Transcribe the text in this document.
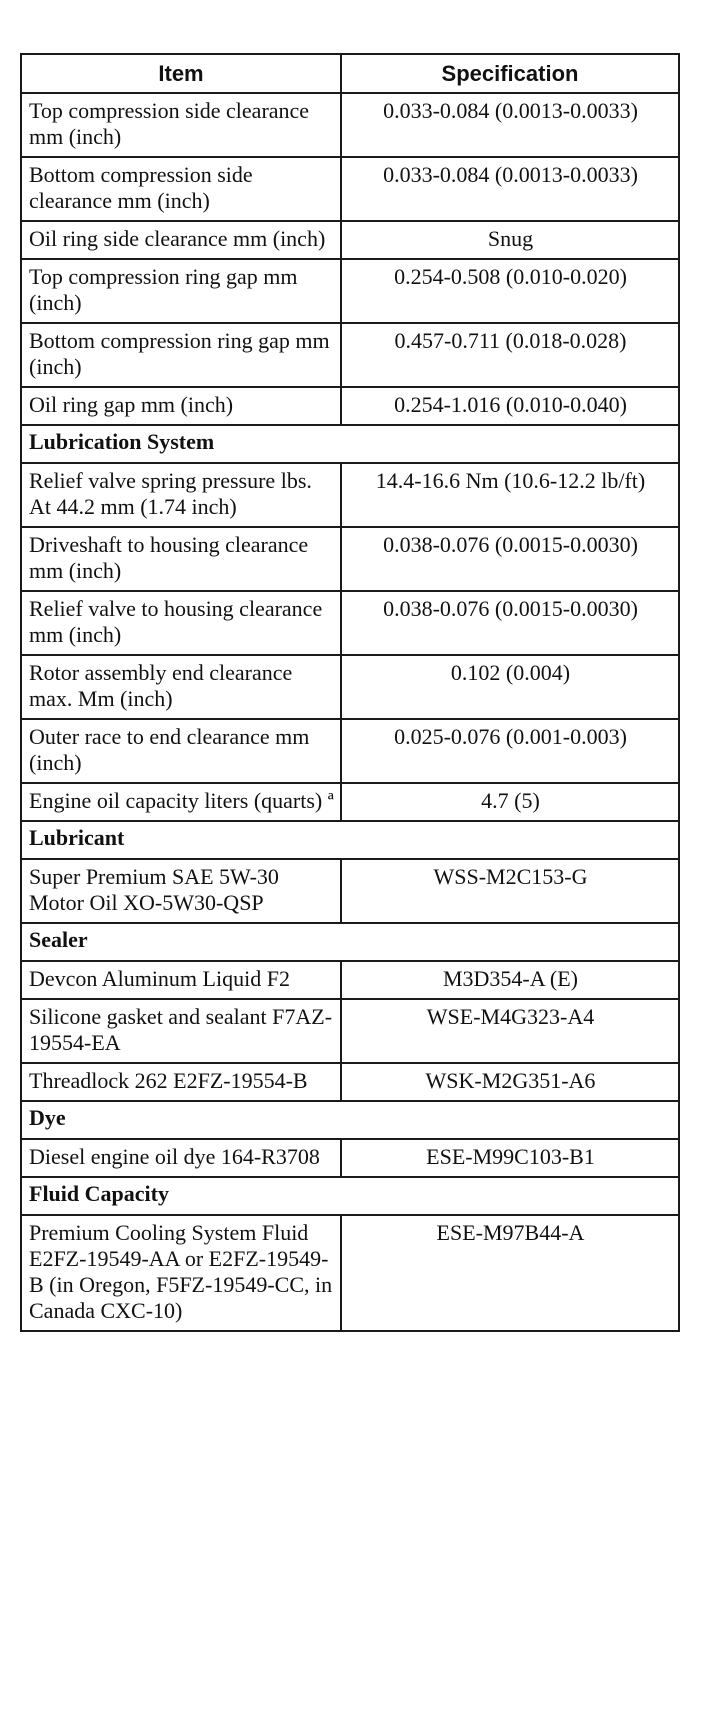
Item	Specification
Top compression side clearance mm (inch)	0.033-0.084 (0.0013-0.0033)
Bottom compression side clearance mm (inch)	0.033-0.084 (0.0013-0.0033)
Oil ring side clearance mm (inch)	Snug
Top compression ring gap mm (inch)	0.254-0.508 (0.010-0.020)
Bottom compression ring gap mm (inch)	0.457-0.711 (0.018-0.028)
Oil ring gap mm (inch)	0.254-1.016 (0.010-0.040)
Lubrication System	
Relief valve spring pressure lbs. At 44.2 mm (1.74 inch)	14.4-16.6 Nm (10.6-12.2 lb/ft)
Driveshaft to housing clearance mm (inch)	0.038-0.076 (0.0015-0.0030)
Relief valve to housing clearance mm (inch)	0.038-0.076 (0.0015-0.0030)
Rotor assembly end clearance max. Mm (inch)	0.102 (0.004)
Outer race to end clearance mm (inch)	0.025-0.076 (0.001-0.003)
Engine oil capacity liters (quarts) ª	4.7 (5)
Lubricant	
Super Premium SAE 5W-30 Motor Oil XO-5W30-QSP	WSS-M2C153-G
Sealer	
Devcon Aluminum Liquid F2	M3D354-A (E)
Silicone gasket and sealant F7AZ-19554-EA	WSE-M4G323-A4
Threadlock 262 E2FZ-19554-B	WSK-M2G351-A6
Dye	
Diesel engine oil dye 164-R3708	ESE-M99C103-B1
Fluid Capacity	
Premium Cooling System Fluid E2FZ-19549-AA or E2FZ-19549-B (in Oregon, F5FZ-19549-CC, in Canada CXC-10)	ESE-M97B44-A
